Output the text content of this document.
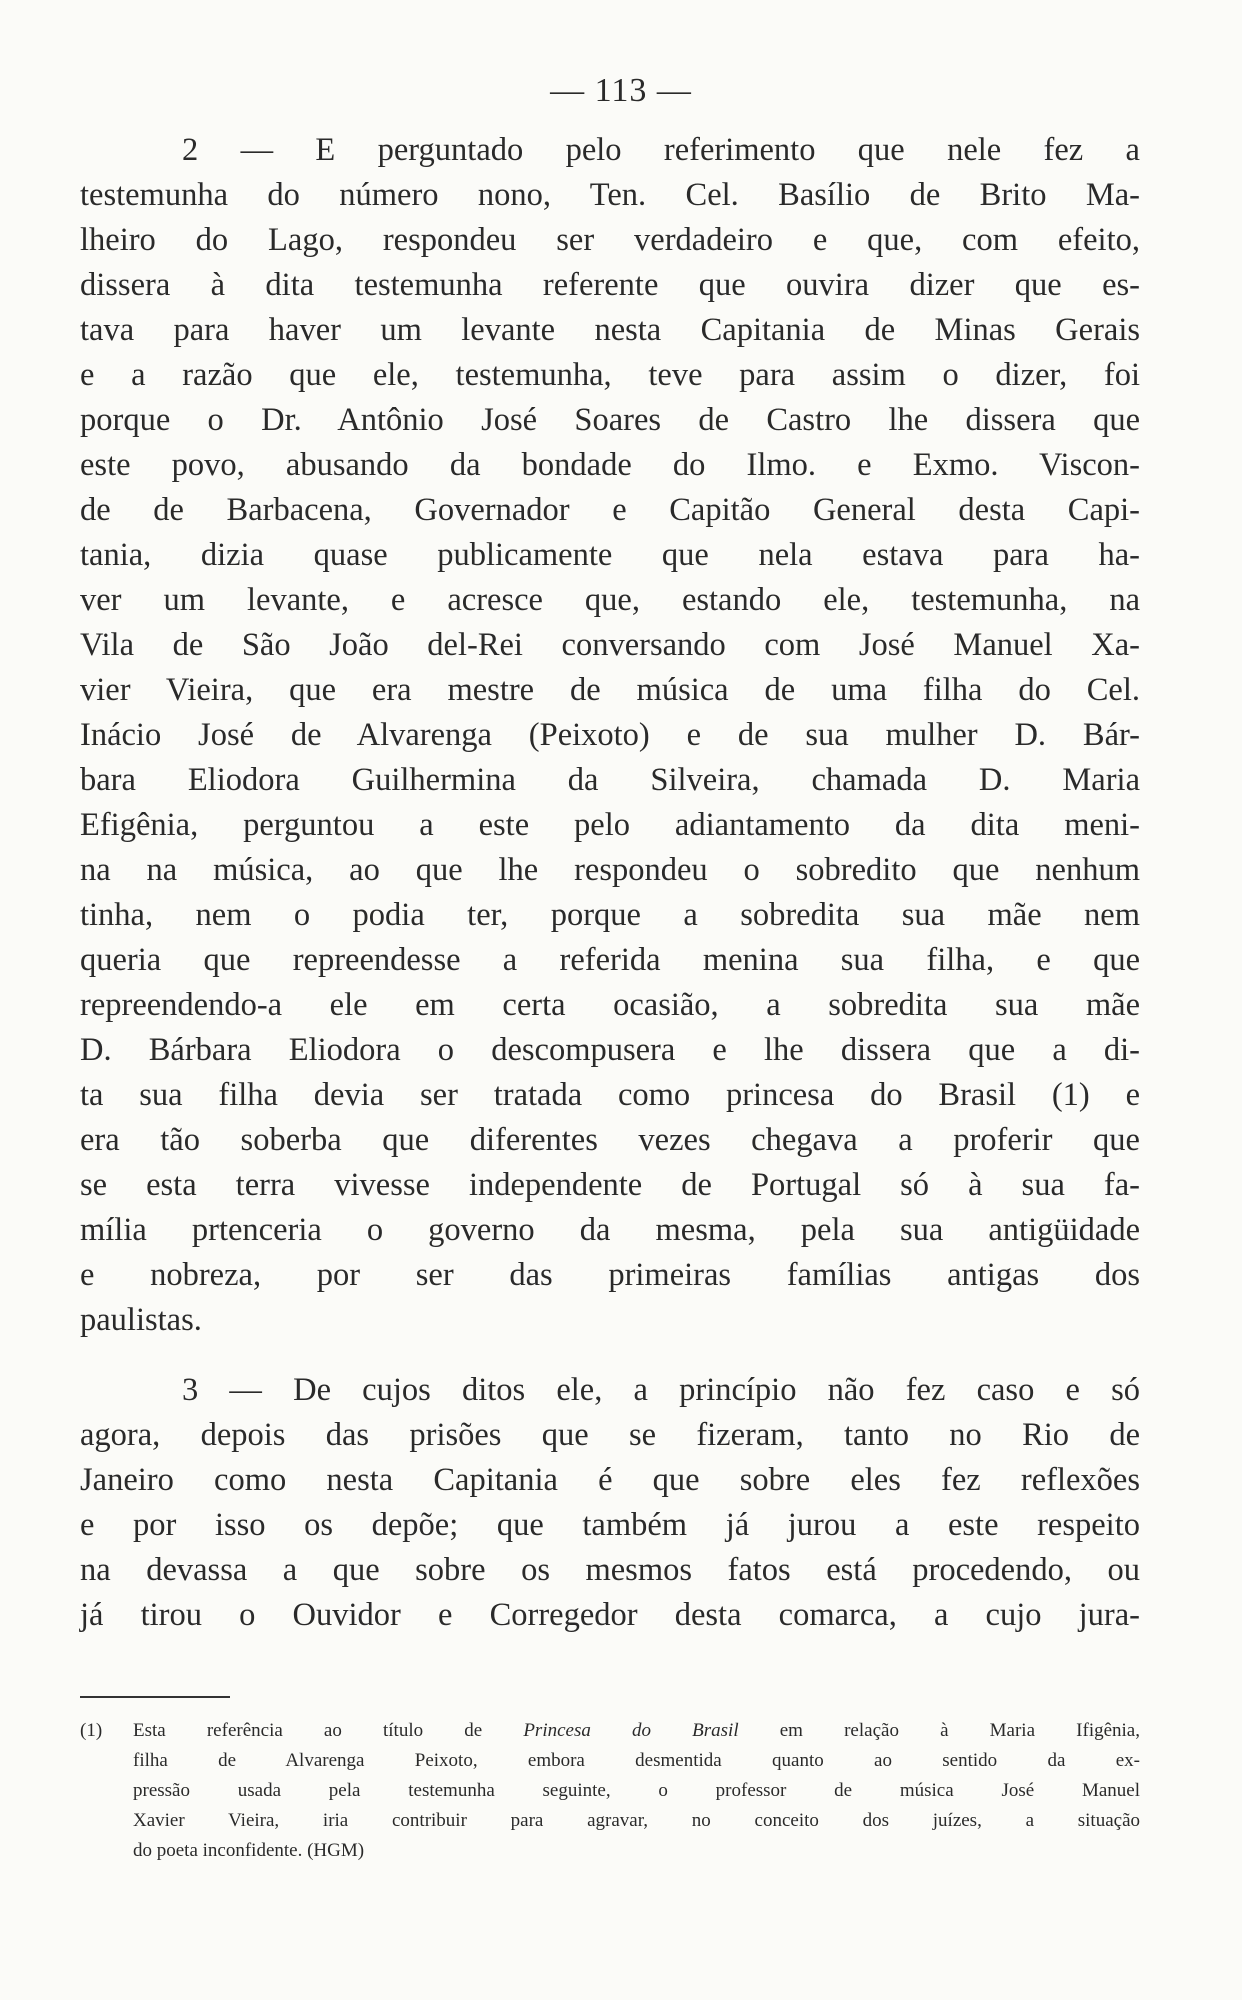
— 113 —
2 — E perguntado pelo referimento que nele fez a
testemunha do número nono, Ten. Cel. Basílio de Brito Ma-
lheiro do Lago, respondeu ser verdadeiro e que, com efeito,
dissera à dita testemunha referente que ouvira dizer que es-
tava para haver um levante nesta Capitania de Minas Gerais
e a razão que ele, testemunha, teve para assim o dizer, foi
porque o Dr. Antônio José Soares de Castro lhe dissera que
este povo, abusando da bondade do Ilmo. e Exmo. Viscon-
de de Barbacena, Governador e Capitão General desta Capi-
tania, dizia quase publicamente que nela estava para ha-
ver um levante, e acresce que, estando ele, testemunha, na
Vila de São João del-Rei conversando com José Manuel Xa-
vier Vieira, que era mestre de música de uma filha do Cel.
Inácio José de Alvarenga (Peixoto) e de sua mulher D. Bár-
bara Eliodora Guilhermina da Silveira, chamada D. Maria
Efigênia, perguntou a este pelo adiantamento da dita meni-
na na música, ao que lhe respondeu o sobredito que nenhum
tinha, nem o podia ter, porque a sobredita sua mãe nem
queria que repreendesse a referida menina sua filha, e que
repreendendo-a ele em certa ocasião, a sobredita sua mãe
D. Bárbara Eliodora o descompusera e lhe dissera que a di-
ta sua filha devia ser tratada como princesa do Brasil (1) e
era tão soberba que diferentes vezes chegava a proferir que
se esta terra vivesse independente de Portugal só à sua fa-
mília prtenceria o governo da mesma, pela sua antigüidade
e nobreza, por ser das primeiras famílias antigas dos
paulistas.
3 — De cujos ditos ele, a princípio não fez caso e só
agora, depois das prisões que se fizeram, tanto no Rio de
Janeiro como nesta Capitania é que sobre eles fez reflexões
e por isso os depõe; que também já jurou a este respeito
na devassa a que sobre os mesmos fatos está procedendo, ou
já tirou o Ouvidor e Corregedor desta comarca, a cujo jura-
(1) Esta referência ao título de Princesa do Brasil em relação à Maria Ifigênia,
filha de Alvarenga Peixoto, embora desmentida quanto ao sentido da ex-
pressão usada pela testemunha seguinte, o professor de música José Manuel
Xavier Vieira, iria contribuir para agravar, no conceito dos juízes, a situação
do poeta inconfidente. (HGM)
